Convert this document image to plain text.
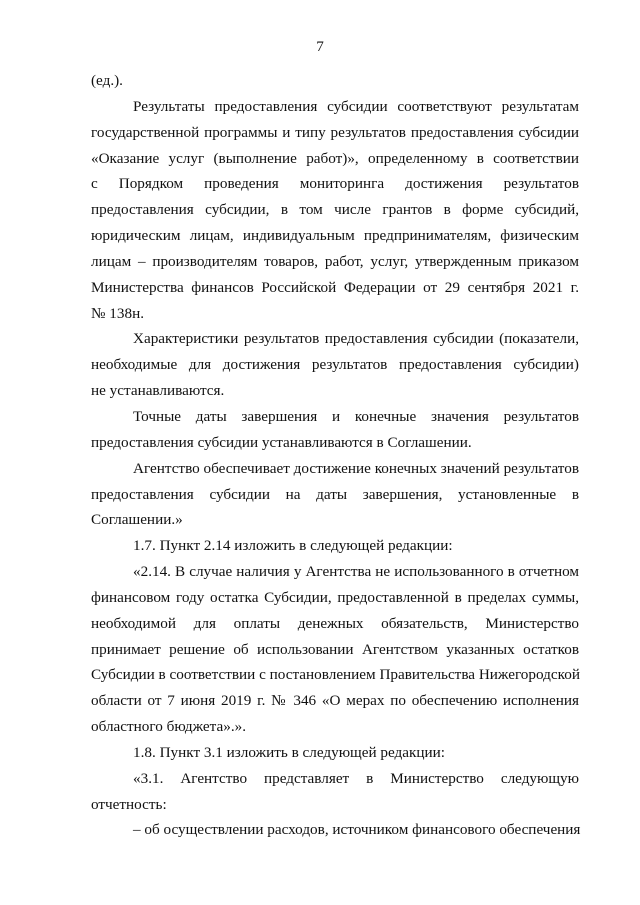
7
(ед.).
Результаты предоставления субсидии соответствуют результатам
государственной программы и типу результатов предоставления субсидии
«Оказание услуг (выполнение работ)», определенному в соответствии
с Порядком проведения мониторинга достижения результатов
предоставления субсидии, в том числе грантов в форме субсидий,
юридическим лицам, индивидуальным предпринимателям, физическим
лицам – производителям товаров, работ, услуг, утвержденным приказом
Министерства финансов Российской Федерации от 29 сентября 2021 г.
№ 138н.
Характеристики результатов предоставления субсидии (показатели,
необходимые для достижения результатов предоставления субсидии)
не устанавливаются.
Точные даты завершения и конечные значения результатов
предоставления субсидии устанавливаются в Соглашении.
Агентство обеспечивает достижение конечных значений результатов
предоставления субсидии на даты завершения, установленные в
Соглашении.»
1.7. Пункт 2.14 изложить в следующей редакции:
«2.14. В случае наличия у Агентства не использованного в отчетном
финансовом году остатка Субсидии, предоставленной в пределах суммы,
необходимой для оплаты денежных обязательств, Министерство
принимает решение об использовании Агентством указанных остатков
Субсидии в соответствии с постановлением Правительства Нижегородской
области от 7 июня 2019 г. № 346 «О мерах по обеспечению исполнения
областного бюджета».».
1.8. Пункт 3.1 изложить в следующей редакции:
«3.1. Агентство представляет в Министерство следующую
отчетность:
– об осуществлении расходов, источником финансового обеспечения
